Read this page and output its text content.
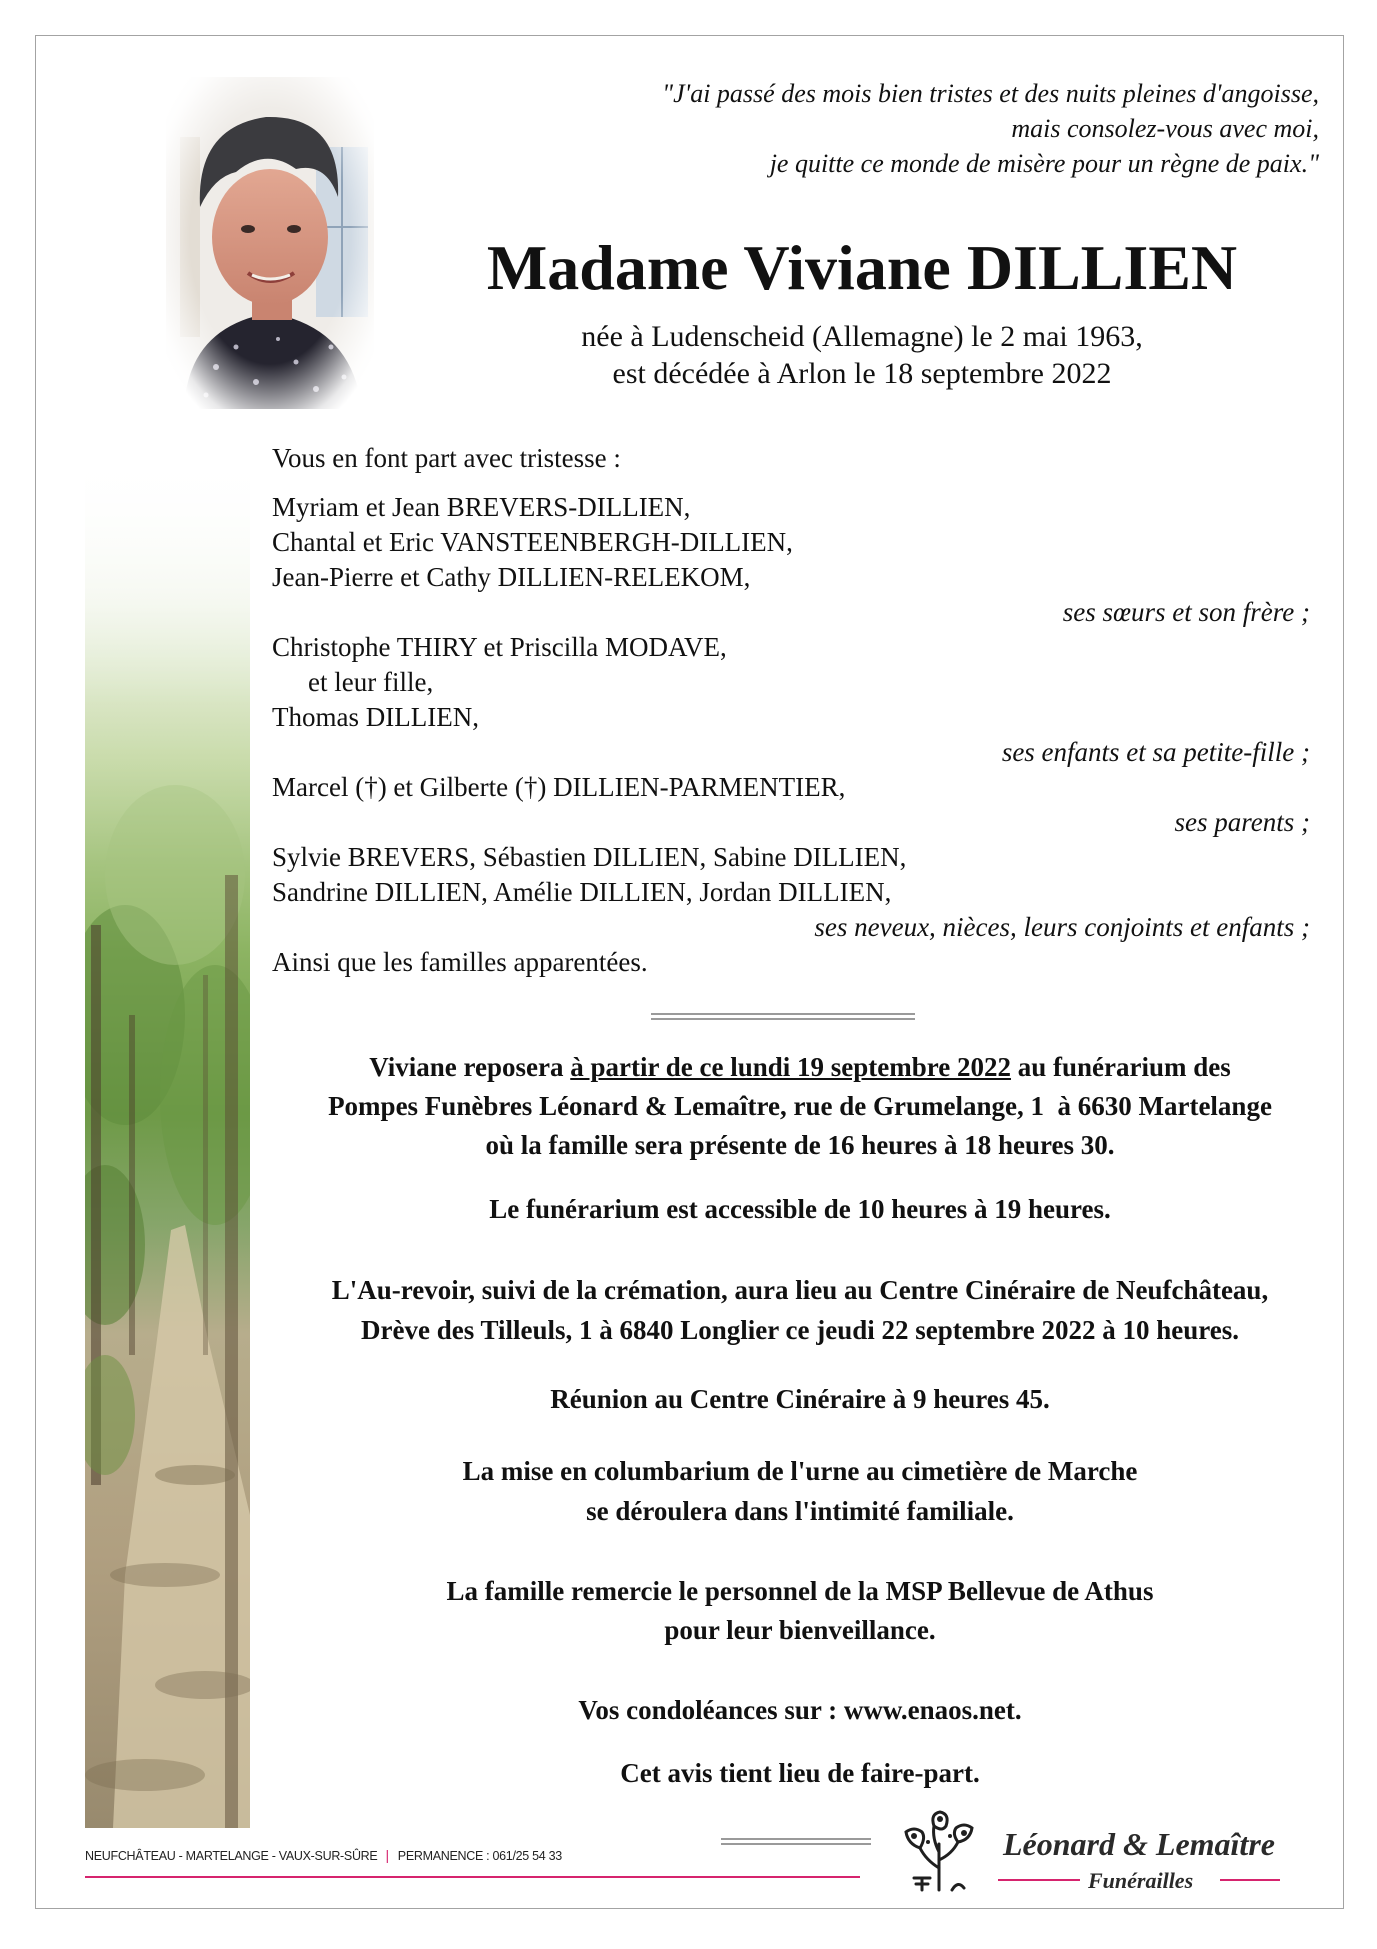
"J'ai passé des mois bien tristes et des nuits pleines d'angoisse,
mais consolez-vous avec moi,
je quitte ce monde de misère pour un règne de paix."
Madame Viviane DILLIEN
née à Ludenscheid (Allemagne) le 2 mai 1963,
est décédée à Arlon le 18 septembre 2022
Vous en font part avec tristesse :
Myriam et Jean BREVERS-DILLIEN,
Chantal et Eric VANSTEENBERGH-DILLIEN,
Jean-Pierre et Cathy DILLIEN-RELEKOM,
ses sœurs et son frère ;
Christophe THIRY et Priscilla MODAVE,
et leur fille,
Thomas DILLIEN,
ses enfants et sa petite-fille ;
Marcel (†) et Gilberte (†) DILLIEN-PARMENTIER,
ses parents ;
Sylvie BREVERS, Sébastien DILLIEN, Sabine DILLIEN,
Sandrine DILLIEN, Amélie DILLIEN, Jordan DILLIEN,
ses neveux, nièces, leurs conjoints et enfants ;
Ainsi que les familles apparentées.
Viviane reposera à partir de ce lundi 19 septembre 2022 au funérarium des
Pompes Funèbres Léonard & Lemaître, rue de Grumelange, 1  à 6630 Martelange
où la famille sera présente de 16 heures à 18 heures 30.
Le funérarium est accessible de 10 heures à 19 heures.
L'Au-revoir, suivi de la crémation, aura lieu au Centre Cinéraire de Neufchâteau,
Drève des Tilleuls, 1 à 6840 Longlier ce jeudi 22 septembre 2022 à 10 heures.
Réunion au Centre Cinéraire à 9 heures 45.
La mise en columbarium de l'urne au cimetière de Marche
se déroulera dans l'intimité familiale.
La famille remercie le personnel de la MSP Bellevue de Athus
pour leur bienveillance.
Vos condoléances sur : www.enaos.net.
Cet avis tient lieu de faire-part.
NEUFCHÂTEAU - MARTELANGE - VAUX-SUR-SÛRE | PERMANENCE : 061/25 54 33	Léonard & Lemaître
Funérailles
